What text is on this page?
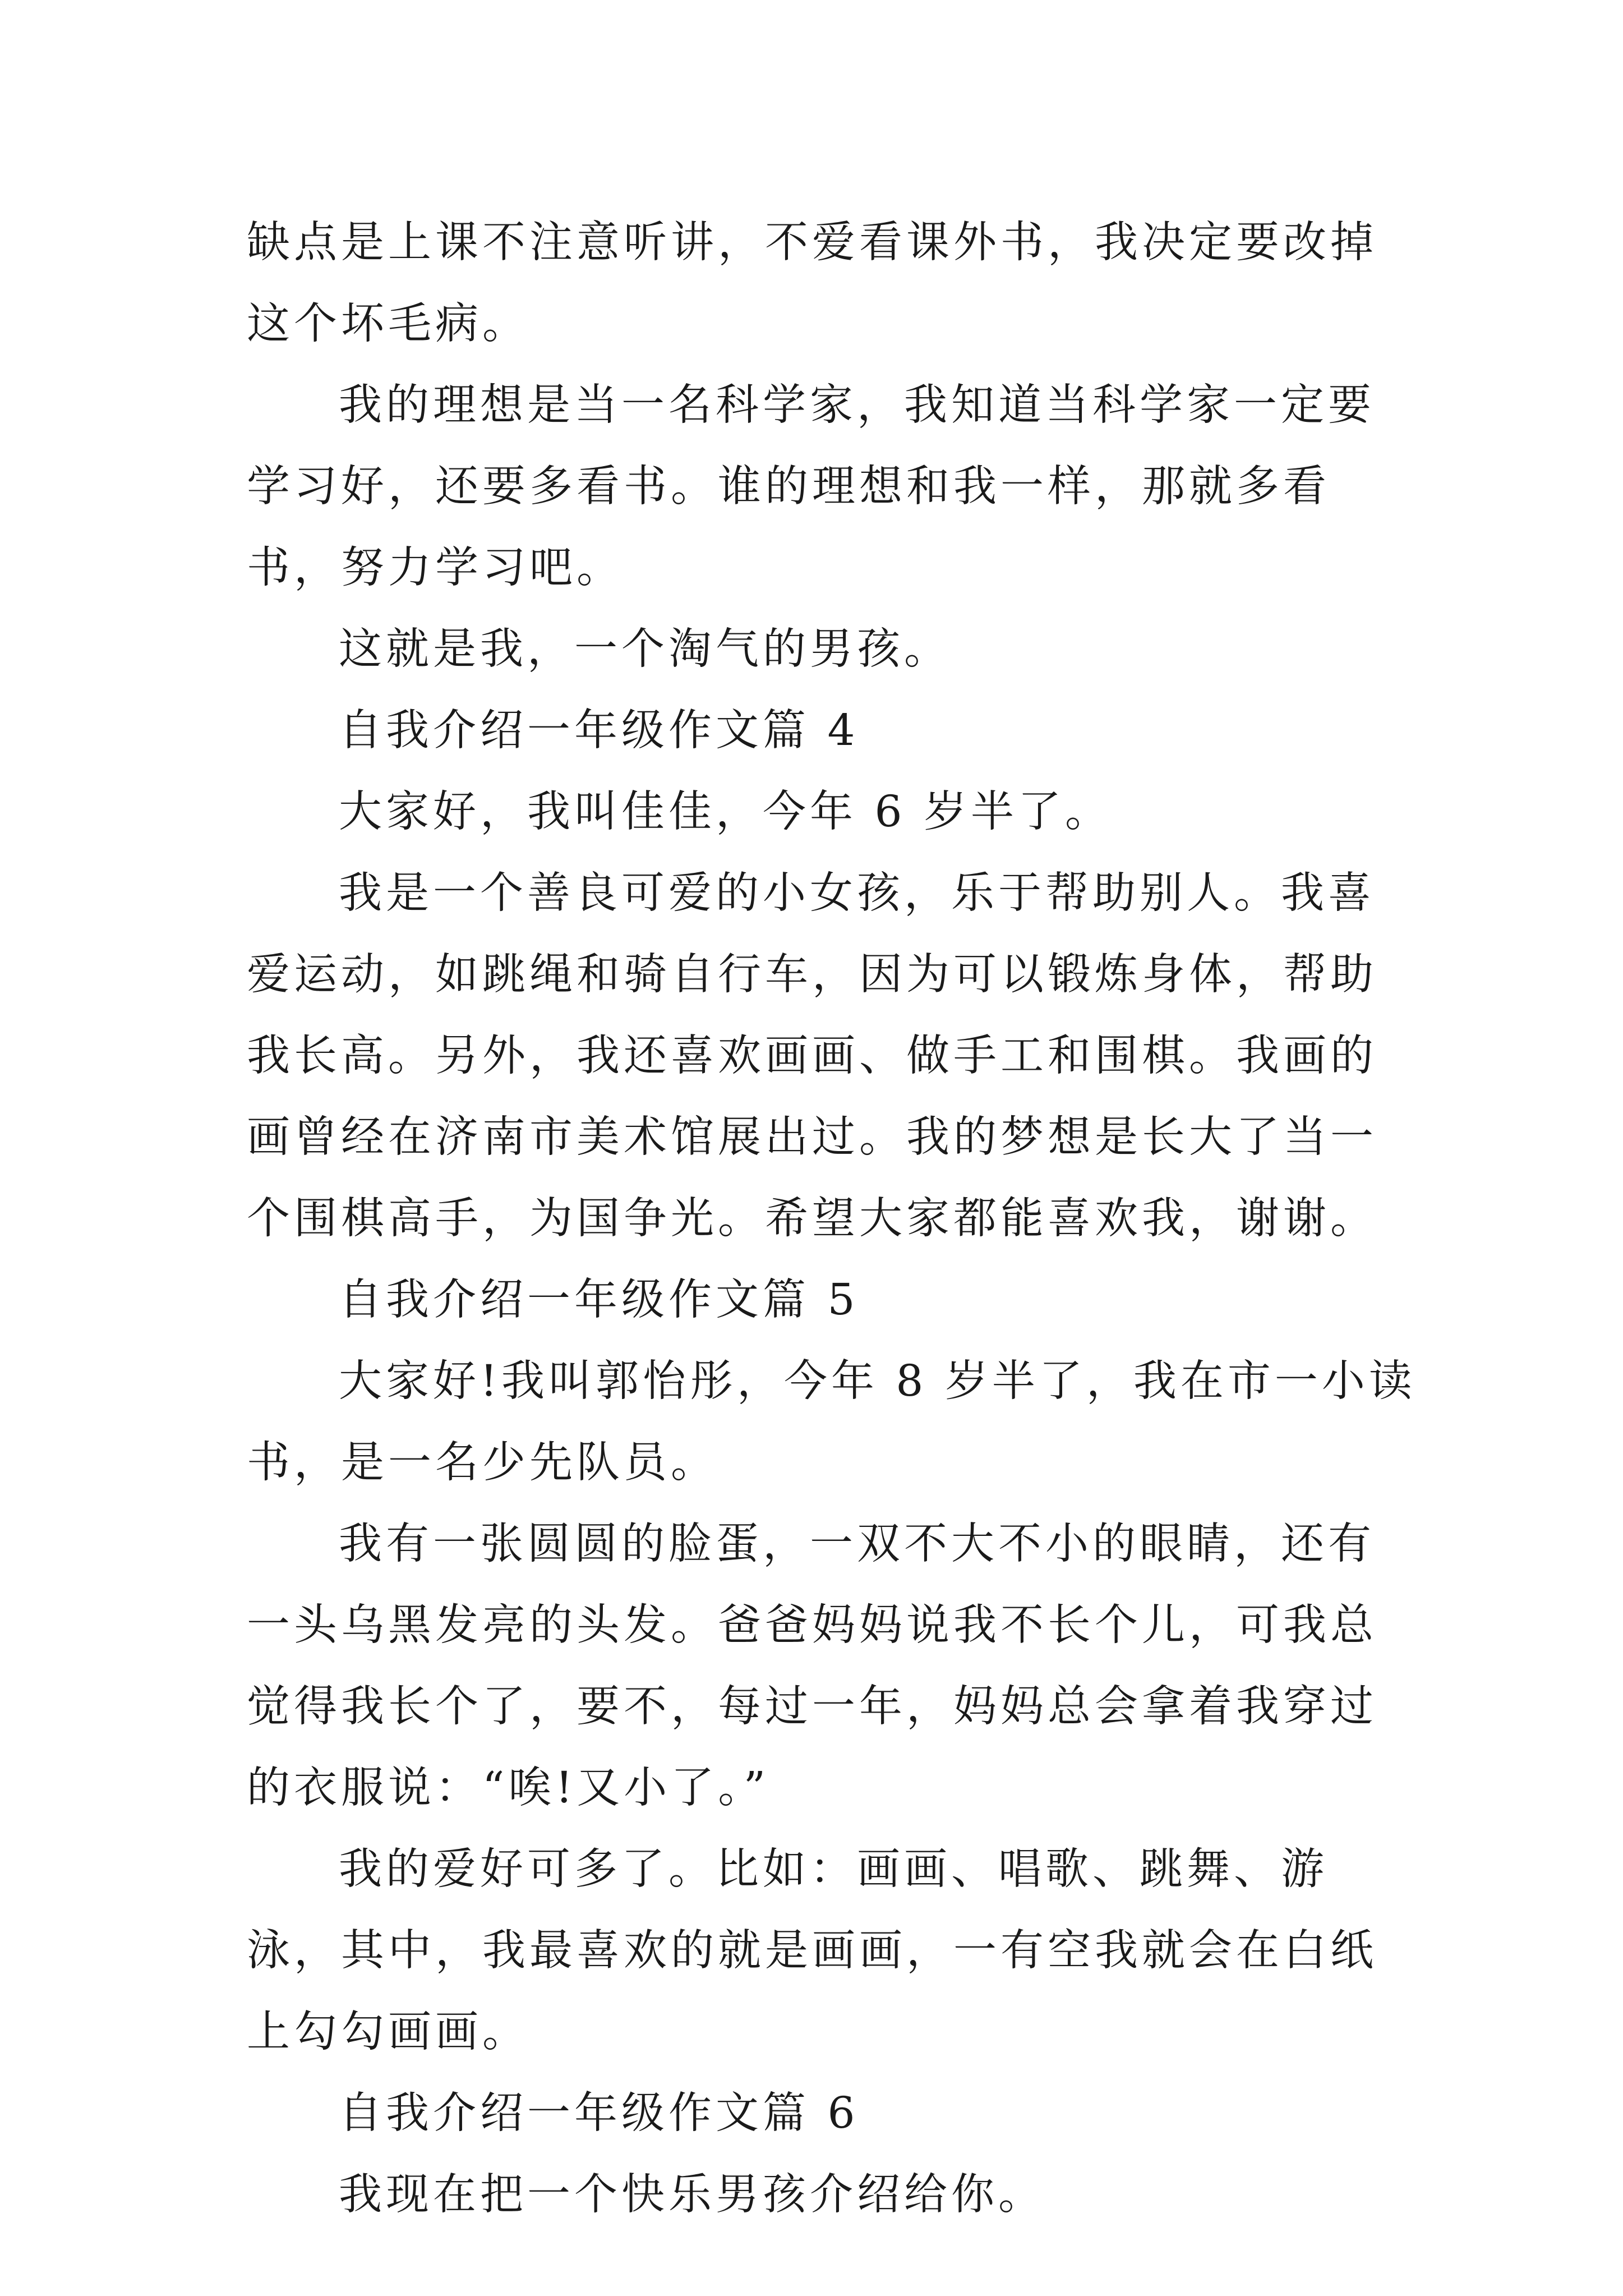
缺点是上课不注意听讲，不爱看课外书，我决定要改掉这个坏毛病。

我的理想是当一名科学家，我知道当科学家一定要学习好，还要多看书。谁的理想和我一样，那就多看书，努力学习吧。

这就是我，一个淘气的男孩。

自我介绍一年级作文篇 4

大家好，我叫佳佳，今年 6 岁半了。

我是一个善良可爱的小女孩，乐于帮助别人。我喜爱运动，如跳绳和骑自行车，因为可以锻炼身体，帮助我长高。另外，我还喜欢画画、做手工和围棋。我画的画曾经在济南市美术馆展出过。我的梦想是长大了当一个围棋高手，为国争光。希望大家都能喜欢我，谢谢。

自我介绍一年级作文篇 5

大家好!我叫郭怡彤，今年 8 岁半了，我在市一小读书，是一名少先队员。

我有一张圆圆的脸蛋，一双不大不小的眼睛，还有一头乌黑发亮的头发。爸爸妈妈说我不长个儿，可我总觉得我长个了，要不，每过一年，妈妈总会拿着我穿过的衣服说：“唉!又小了。”

我的爱好可多了。比如：画画、唱歌、跳舞、游泳，其中，我最喜欢的就是画画，一有空我就会在白纸上勾勾画画。

自我介绍一年级作文篇 6

我现在把一个快乐男孩介绍给你。
